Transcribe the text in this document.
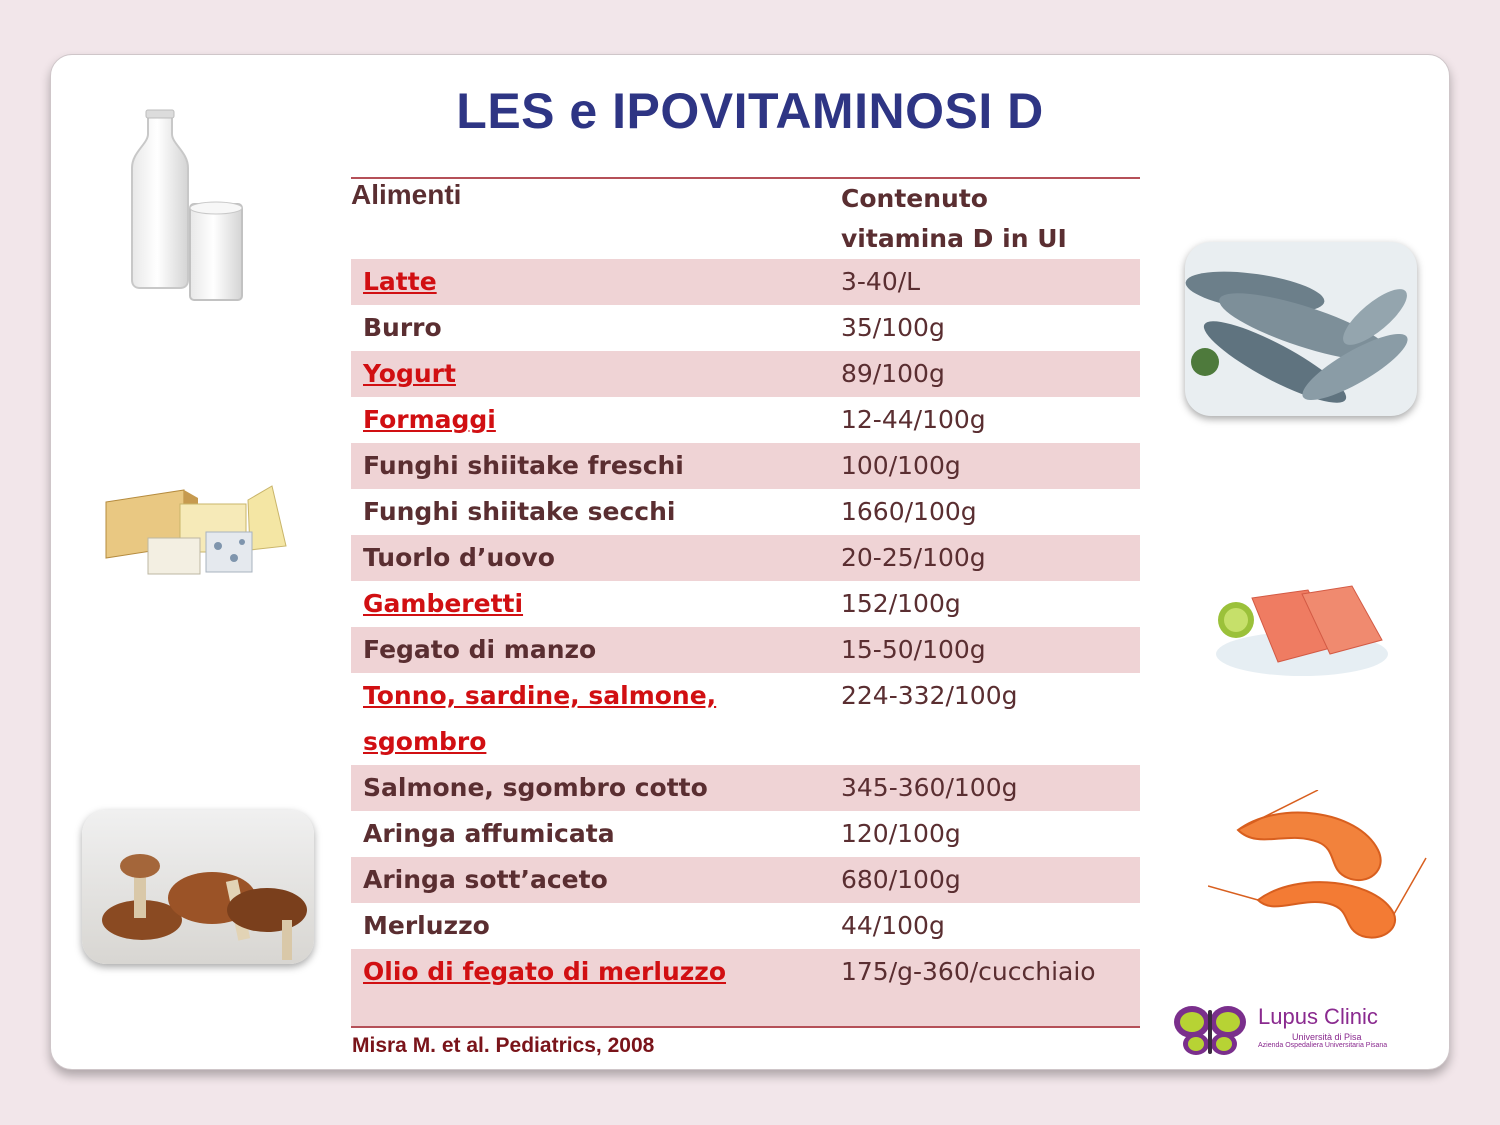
LES e IPOVITAMINOSI D
Alimenti	Contenuto
vitamina D in UI

Latte	3-40/L
Burro	35/100g
Yogurt	89/100g
Formaggi	12-44/100g
Funghi shiitake freschi	100/100g
Funghi shiitake secchi	1660/100g
Tuorlo d’uovo	20-25/100g
Gamberetti	152/100g
Fegato di manzo	15-50/100g
Tonno, sardine, salmone,
sgombro	224-332/100g
Salmone, sgombro cotto	345-360/100g
Aringa affumicata	120/100g
Aringa sott’aceto	680/100g
Merluzzo	44/100g
Olio di fegato di merluzzo	175/g-360/cucchiaio
Misra M. et al. Pediatrics, 2008
Lupus Clinic
Università di Pisa
Azienda Ospedaliera Universitaria Pisana
